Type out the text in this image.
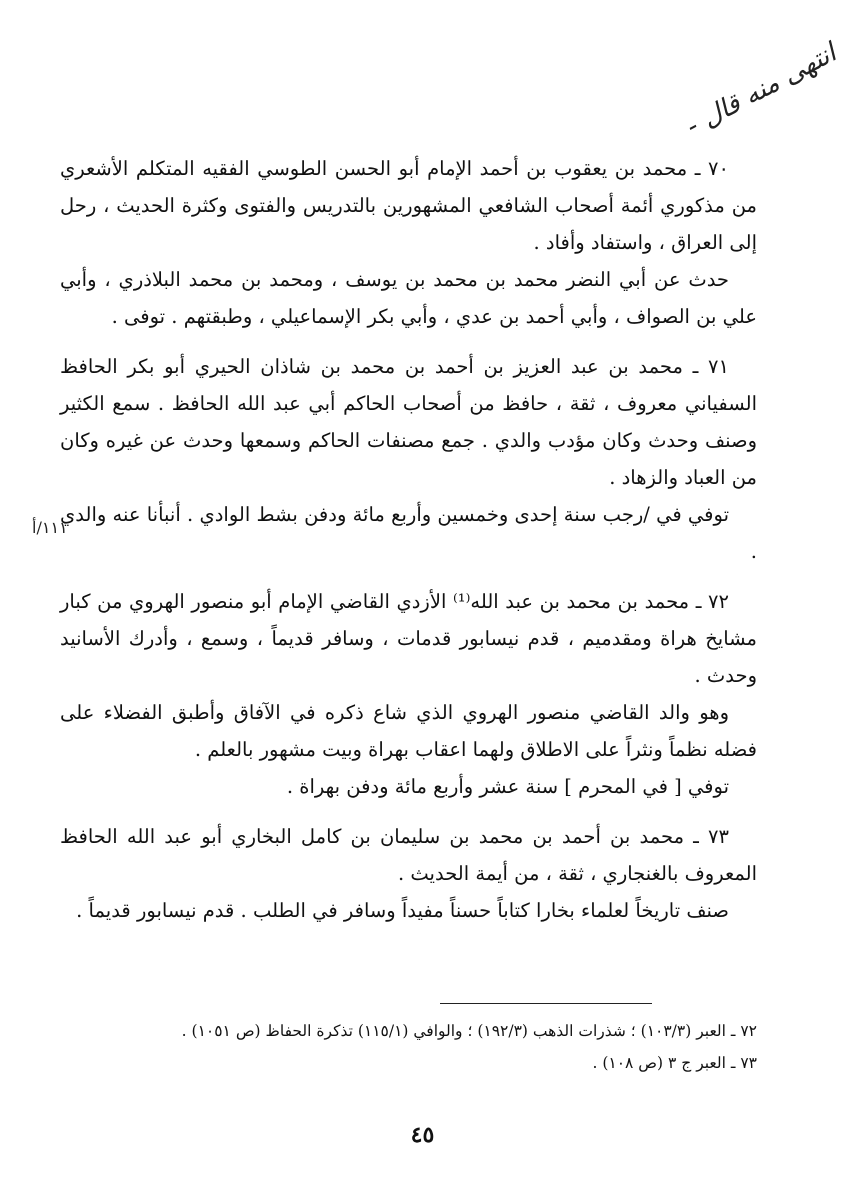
انتهى منه قال -
١١١/أ

٧٠ ـ محمد بن يعقوب بن أحمد الإمام أبو الحسن الطوسي الفقيه المتكلم الأشعري من مذكوري أئمة أصحاب الشافعي المشهورين بالتدريس والفتوى وكثرة الحديث ، رحل إلى العراق ، واستفاد وأفاد .

حدث عن أبي النضر محمد بن محمد بن يوسف ، ومحمد بن محمد البلاذري ، وأبي علي بن الصواف ، وأبي أحمد بن عدي ، وأبي بكر الإسماعيلي ، وطبقتهم . توفى .

٧١ ـ محمد بن عبد العزيز بن أحمد بن محمد بن شاذان الحيري أبو بكر الحافظ السفياني معروف ، ثقة ، حافظ من أصحاب الحاكم أبي عبد الله الحافظ . سمع الكثير وصنف وحدث وكان مؤدب والدي . جمع مصنفات الحاكم وسمعها وحدث عن غيره وكان من العباد والزهاد .

توفي في /رجب سنة إحدى وخمسين وأربع مائة ودفن بشط الوادي . أنبأنا عنه والدي .

٧٢ ـ محمد بن محمد بن عبد الله⁽¹⁾ الأزدي القاضي الإمام أبو منصور الهروي من كبار مشايخ هراة ومقدميم ، قدم نيسابور قدمات ، وسافر قديماً ، وسمع ، وأدرك الأسانيد وحدث .

وهو والد القاضي منصور الهروي الذي شاع ذكره في الآفاق وأطبق الفضلاء على فضله نظماً ونثراً على الاطلاق ولهما اعقاب بهراة وبيت مشهور بالعلم .

توفي [ في المحرم ] سنة عشر وأربع مائة ودفن بهراة .

٧٣ ـ محمد بن أحمد بن محمد بن سليمان بن كامل البخاري أبو عبد الله الحافظ المعروف بالغنجاري ، ثقة ، من أيمة الحديث .

صنف تاريخاً لعلماء بخارا كتاباً حسناً مفيداً وسافر في الطلب . قدم نيسابور قديماً .

٧٢ ـ العبر (١٠٣/٣) ؛ شذرات الذهب (١٩٢/٣) ؛ والوافي (١١٥/١) تذكرة الحفاظ (ص ١٠٥١) .

٧٣ ـ العبر ج ٣ (ص ١٠٨) .

٤٥
